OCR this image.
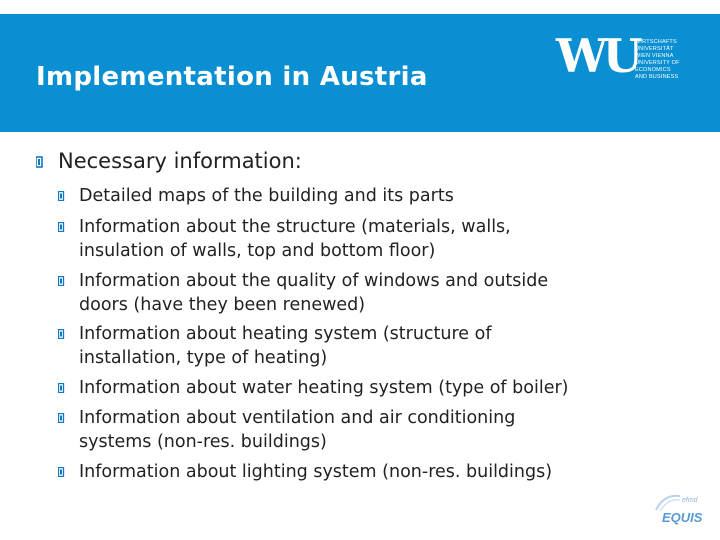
Implementation in Austria	WU
WIRTSCHAFTS
UNIVERSITÄT
WIEN VIENNA
UNIVERSITY OF
ECONOMICS
AND BUSINESS
Necessary information:
Detailed maps of the building and its parts
Information about the structure (materials, walls,
insulation of walls, top and bottom floor)
Information about the quality of windows and outside
doors (have they been renewed)
Information about heating system (structure of
installation, type of heating)
Information about water heating system (type of boiler)
Information about ventilation and air conditioning
systems (non-res. buildings)
Information about lighting system (non-res. buildings)
efmd
EQUIS
